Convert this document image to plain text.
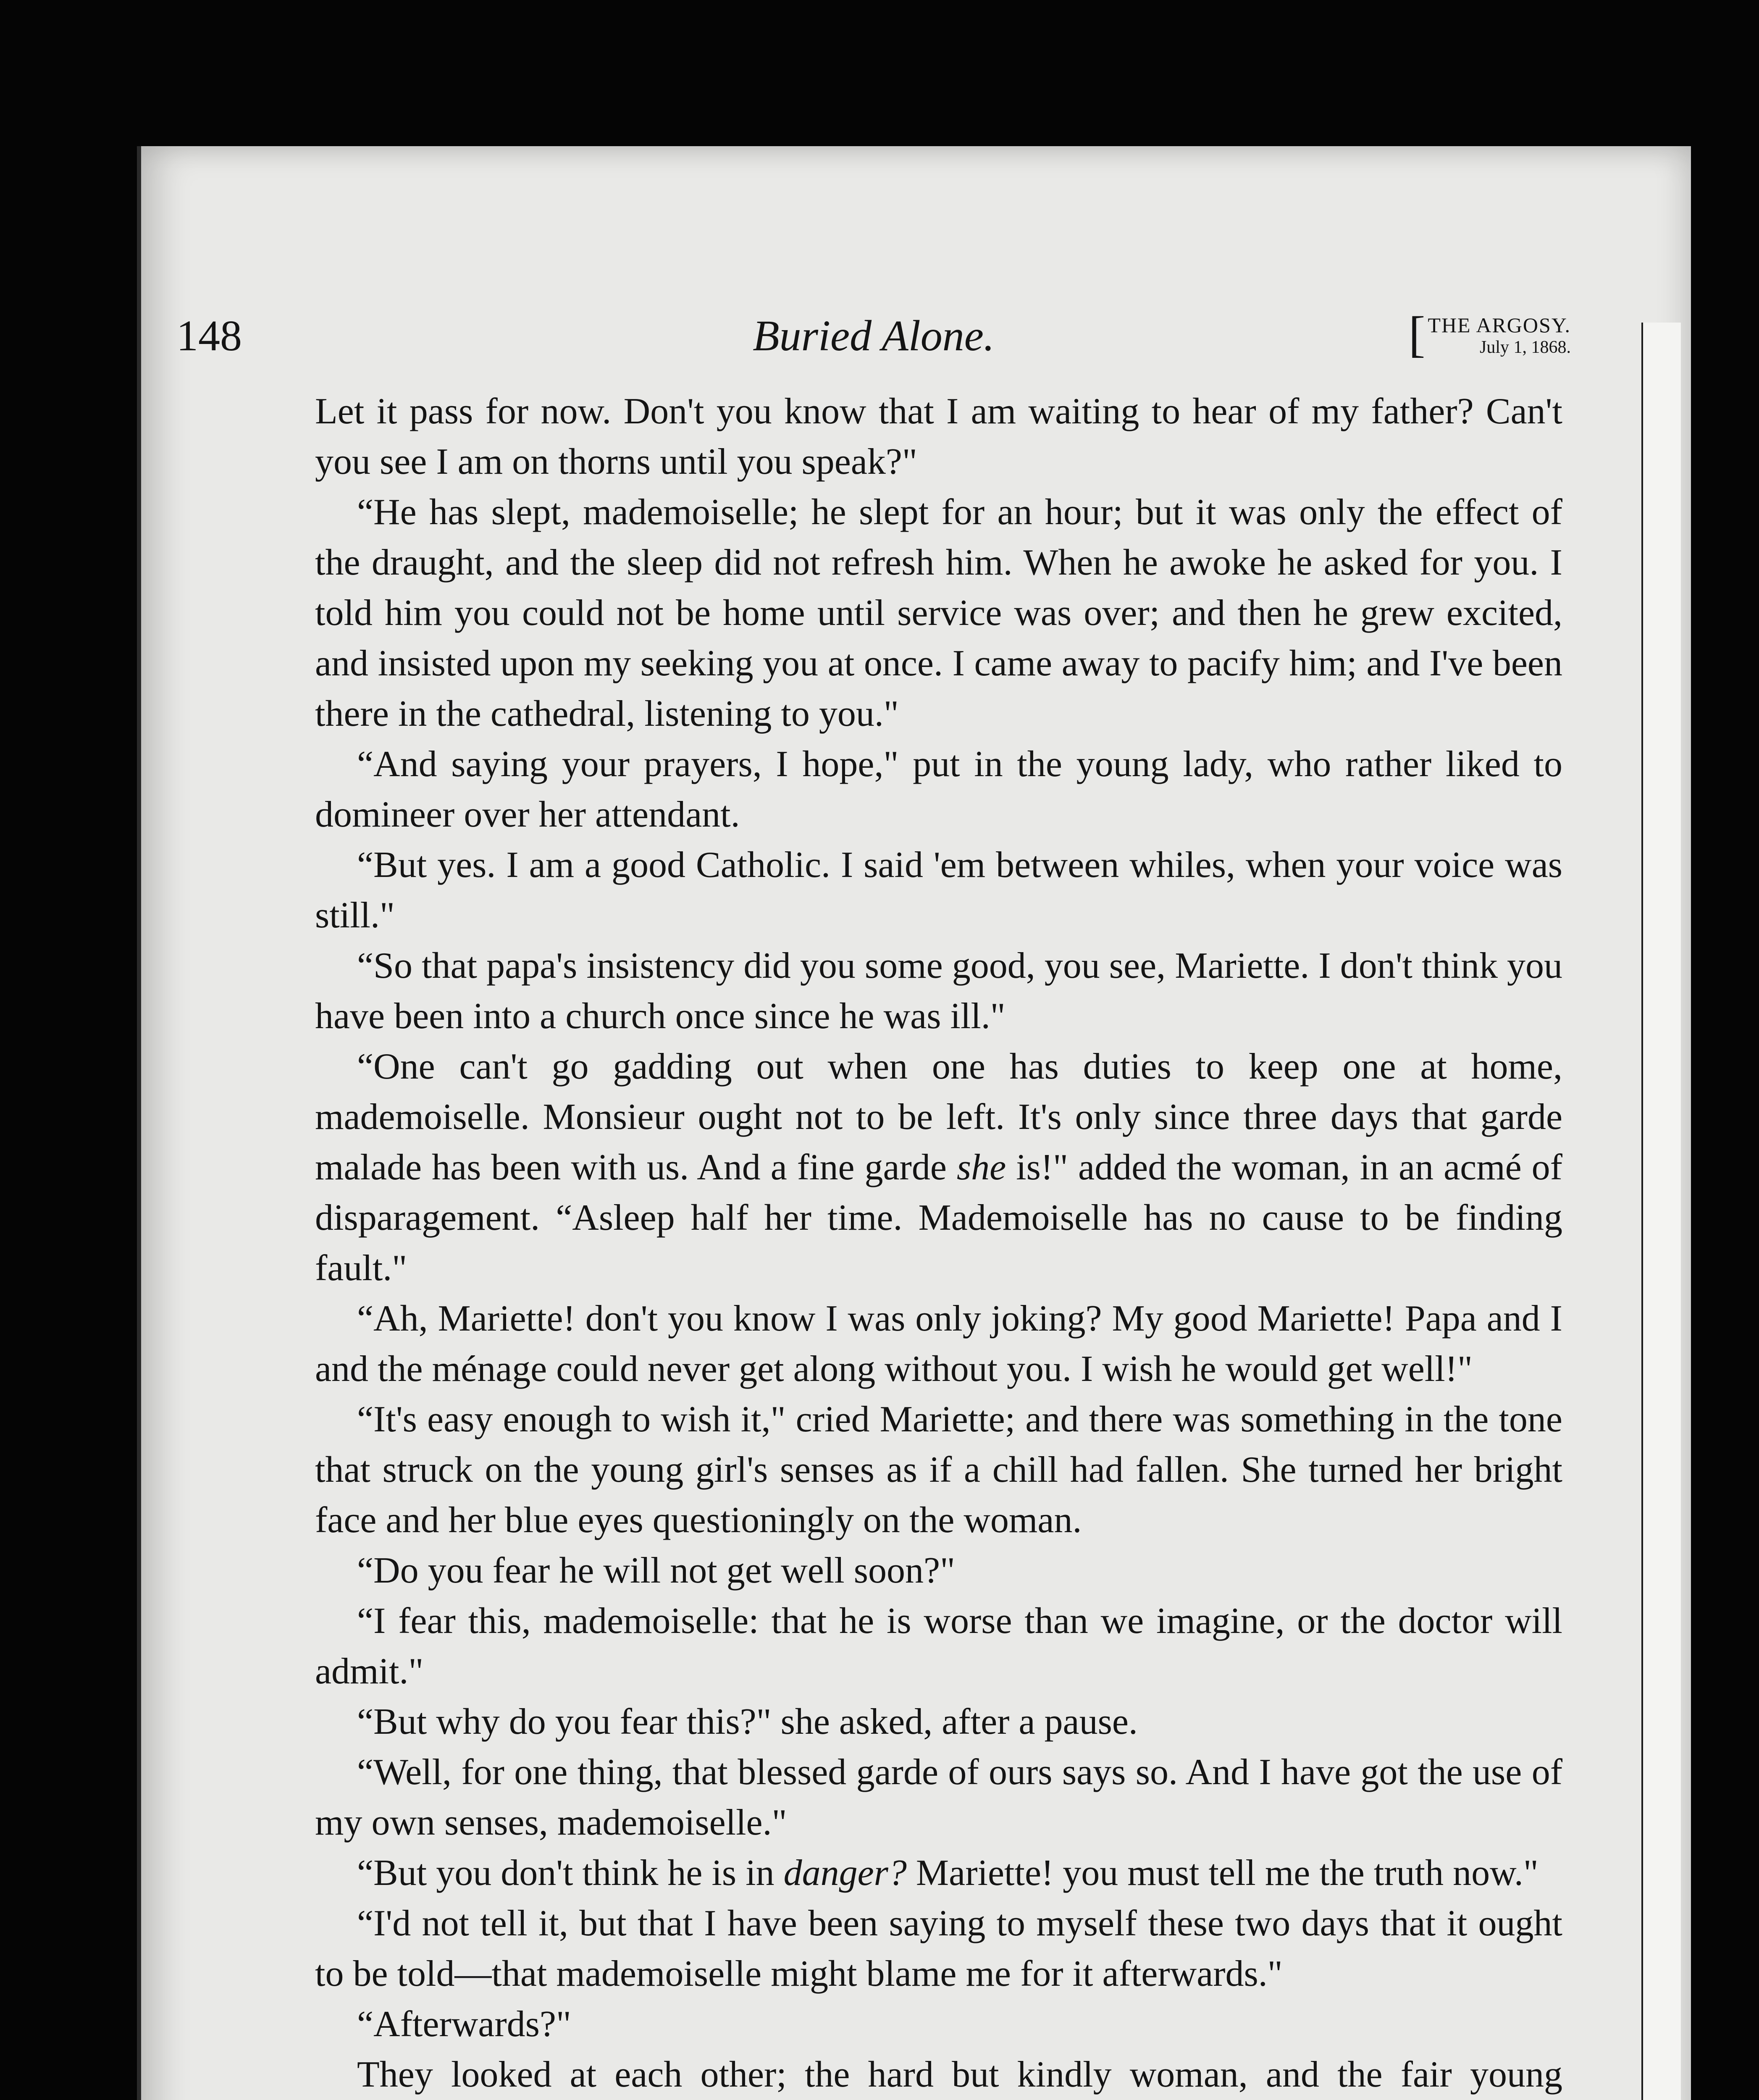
148	Buried Alone.	[ THE ARGOSY.
July 1, 1868.

Let it pass for now. Don't you know that I am waiting to hear of my father? Can't you see I am on thorns until you speak?"

“He has slept, mademoiselle; he slept for an hour; but it was only the effect of the draught, and the sleep did not refresh him. When he awoke he asked for you. I told him you could not be home until service was over; and then he grew excited, and insisted upon my seeking you at once. I came away to pacify him; and I've been there in the cathedral, listening to you."

“And saying your prayers, I hope," put in the young lady, who rather liked to domineer over her attendant.

“But yes. I am a good Catholic. I said 'em between whiles, when your voice was still."

“So that papa's insistency did you some good, you see, Mariette. I don't think you have been into a church once since he was ill."

“One can't go gadding out when one has duties to keep one at home, mademoiselle. Monsieur ought not to be left. It's only since three days that garde malade has been with us. And a fine garde she is!" added the woman, in an acmé of disparagement. “Asleep half her time. Mademoiselle has no cause to be finding fault."

“Ah, Mariette! don't you know I was only joking? My good Mariette! Papa and I and the ménage could never get along without you. I wish he would get well!"

“It's easy enough to wish it," cried Mariette; and there was something in the tone that struck on the young girl's senses as if a chill had fallen. She turned her bright face and her blue eyes questioningly on the woman.

“Do you fear he will not get well soon?"

“I fear this, mademoiselle: that he is worse than we imagine, or the doctor will admit."

“But why do you fear this?" she asked, after a pause.

“Well, for one thing, that blessed garde of ours says so. And I have got the use of my own senses, mademoiselle."

“But you don't think he is in danger? Mariette! you must tell me the truth now."

“I'd not tell it, but that I have been saying to myself these two days that it ought to be told—that mademoiselle might blame me for it afterwards."

“Afterwards?"

They looked at each other; the hard but kindly woman, and the fair young
